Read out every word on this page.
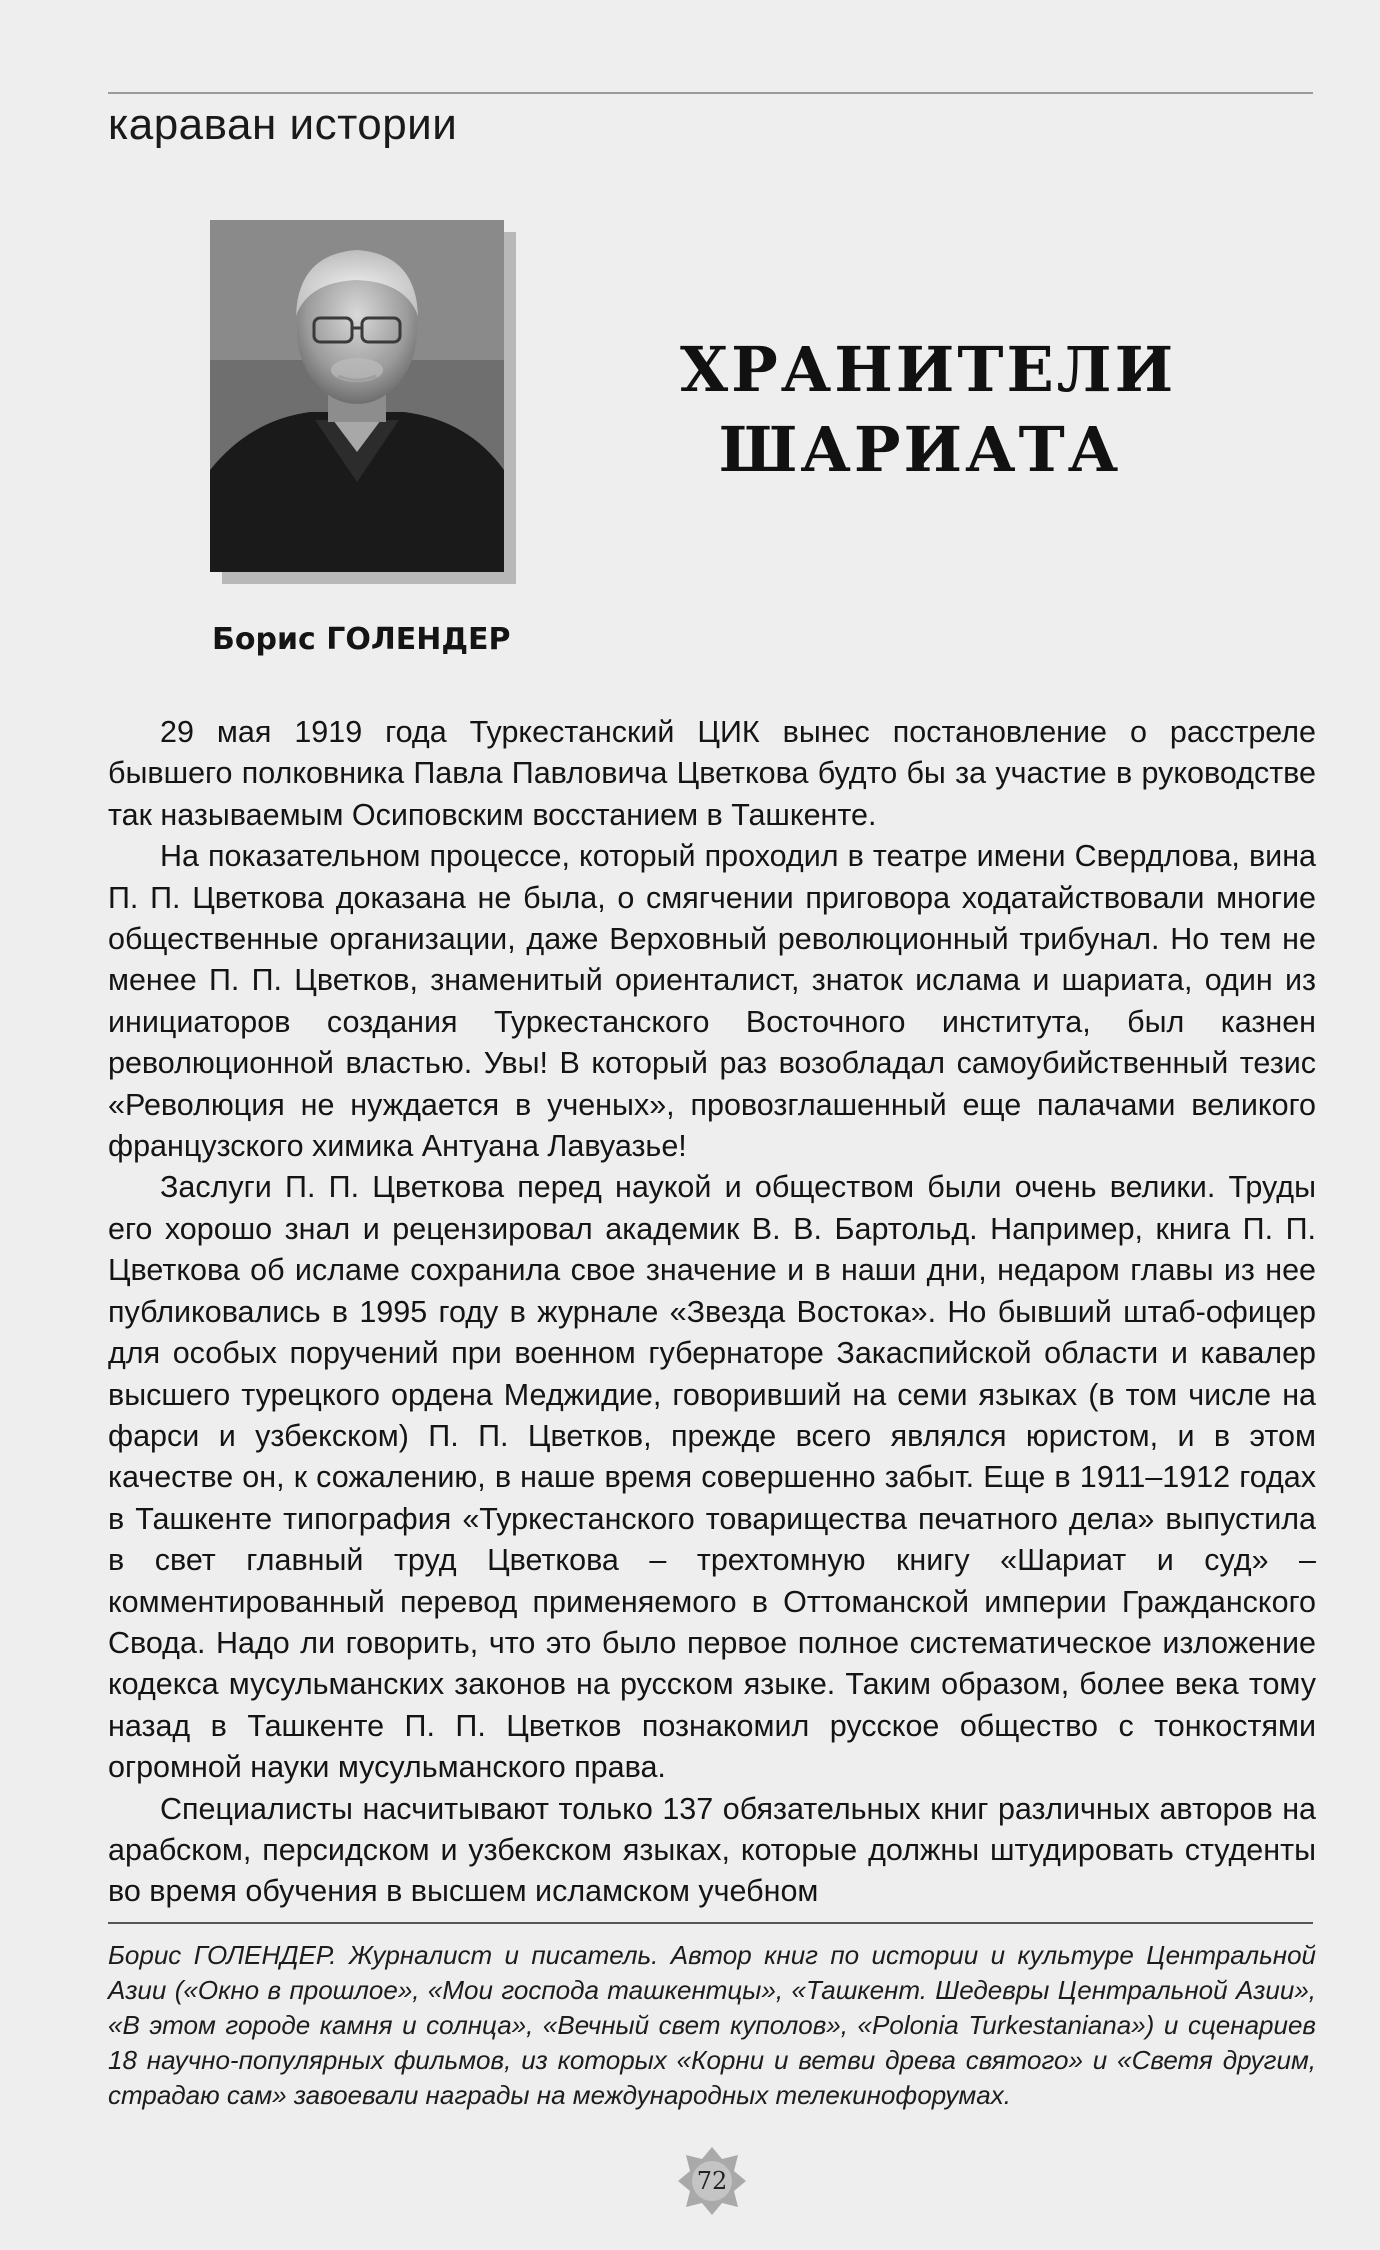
караван истории
Борис ГОЛЕНДЕР
ХРАНИТЕЛИ
ШАРИАТА

29 мая 1919 года Туркестанский ЦИК вынес постановление о расстреле бывшего полковника Павла Павловича Цветкова будто бы за участие в руководстве так называемым Осиповским восстанием в Ташкенте.

На показательном процессе, который проходил в театре имени Свердлова, вина П. П. Цветкова доказана не была, о смягчении приговора ходатайствовали многие общественные организации, даже Верховный революционный трибунал. Но тем не менее П. П. Цветков, знаменитый ориенталист, знаток ислама и шариата, один из инициаторов создания Туркестанского Восточного института, был казнен революционной властью. Увы! В который раз возобладал самоубийственный тезис «Революция не нуждается в ученых», провозглашенный еще палачами великого французского химика Антуана Лавуазье!

Заслуги П. П. Цветкова перед наукой и обществом были очень велики. Труды его хорошо знал и рецензировал академик В. В. Бартольд. Например, книга П. П. Цветкова об исламе сохранила свое значение и в наши дни, недаром главы из нее публиковались в 1995 году в журнале «Звезда Востока». Но бывший штаб-офицер для особых поручений при военном губернаторе Закаспийской области и кавалер высшего турецкого ордена Меджидие, говоривший на семи языках (в том числе на фарси и узбекском) П. П. Цветков, прежде всего являлся юристом, и в этом качестве он, к сожалению, в наше время совершенно забыт. Еще в 1911–1912 годах в Ташкенте типография «Туркестанского товарищества печатного дела» выпустила в свет главный труд Цветкова – трехтомную книгу «Шариат и суд» – комментированный перевод применяемого в Оттоманской империи Гражданского Свода. Надо ли говорить, что это было первое полное систематическое изложение кодекса мусульманских законов на русском языке. Таким образом, более века тому назад в Ташкенте П. П. Цветков познакомил русское общество с тонкостями огромной науки мусульманского права.

Специалисты насчитывают только 137 обязательных книг различных авторов на арабском, персидском и узбекском языках, которые должны штудировать студенты во время обучения в высшем исламском учебном

Борис ГОЛЕНДЕР. Журналист и писатель. Автор книг по истории и культуре Центральной Азии («Окно в прошлое», «Мои господа ташкентцы», «Ташкент. Шедевры Центральной Азии», «В этом городе камня и солнца», «Вечный свет куполов», «Polonia Turkestaniana») и сценариев 18 научно-популярных фильмов, из которых «Корни и ветви древа святого» и «Светя другим, страдаю сам» завоевали награды на международных телекинофорумах.
72
